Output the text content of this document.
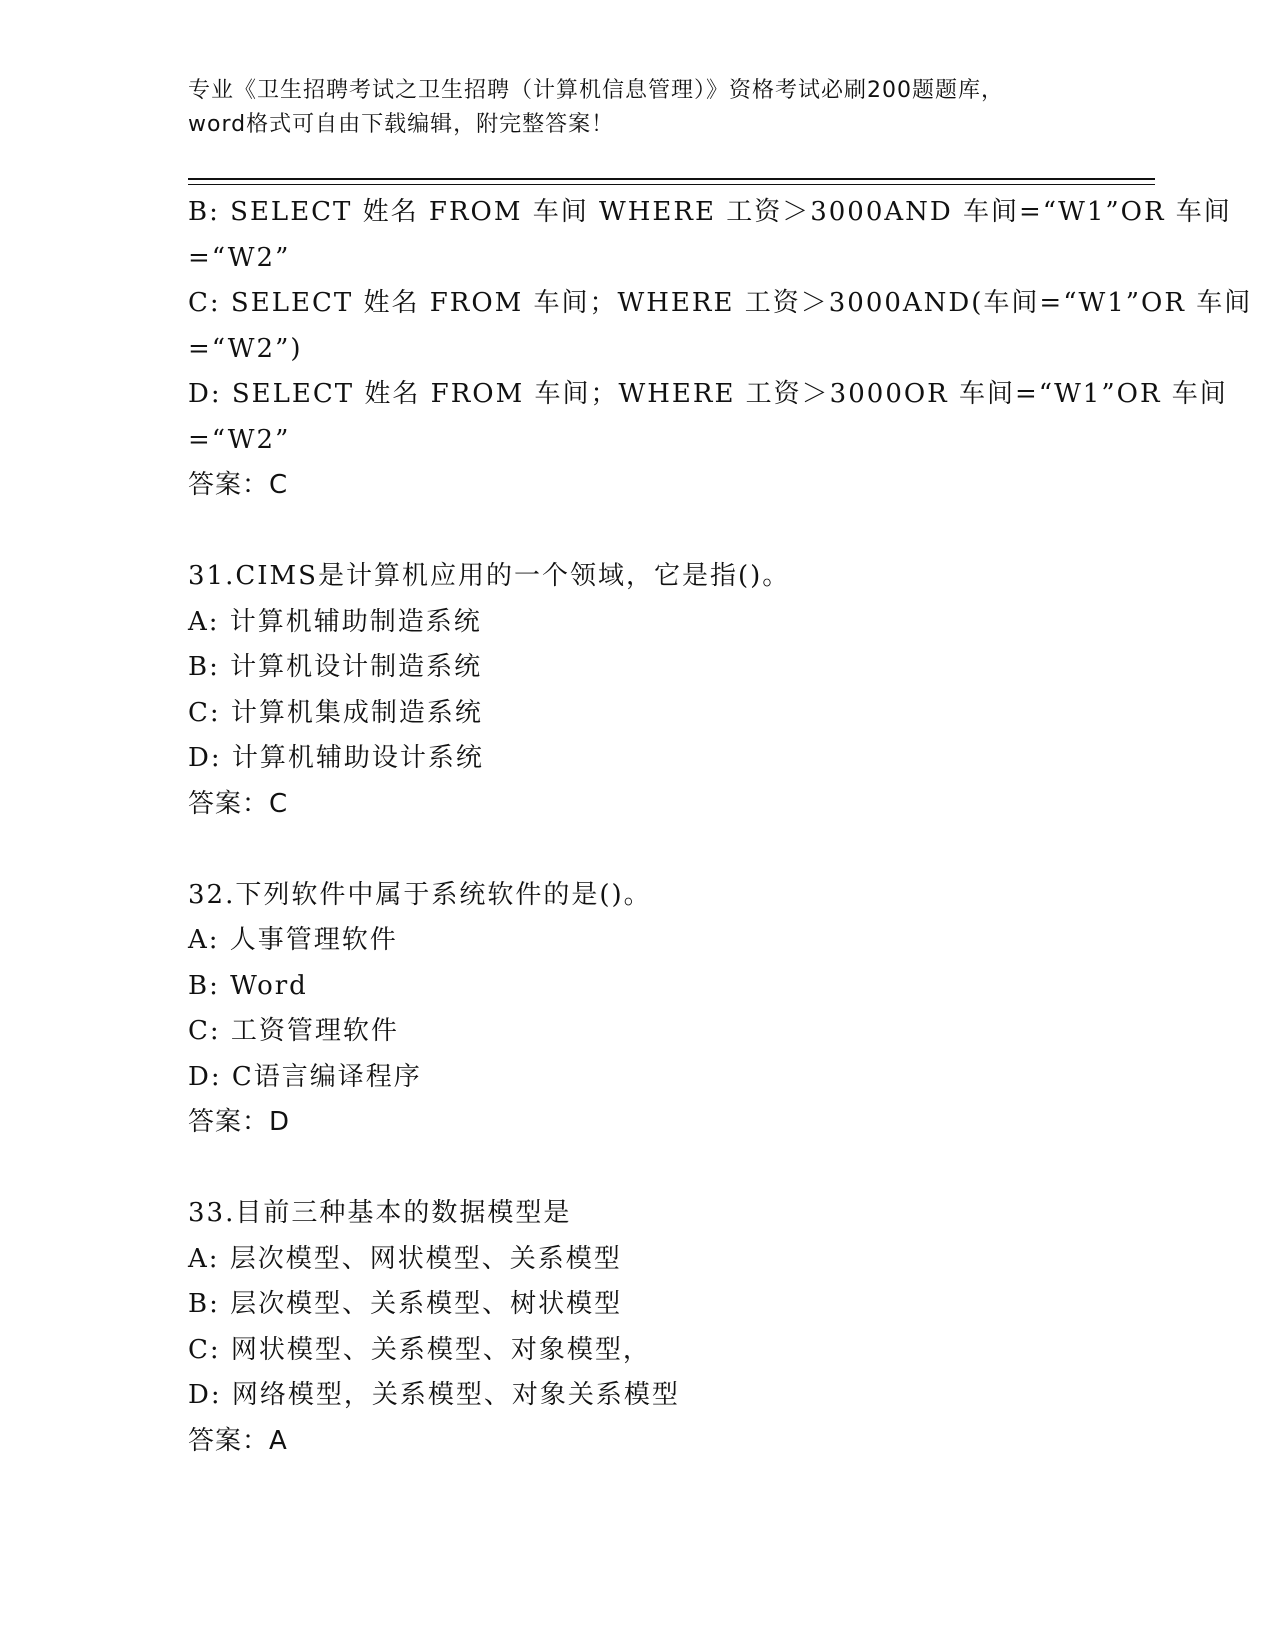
专业《卫生招聘考试之卫生招聘（计算机信息管理）》资格考试必刷200题题库，
word格式可自由下载编辑，附完整答案！
B: SELECT 姓名 FROM 车间 WHERE 工资＞3000AND 车间=“W1”OR 车间
=“W2”
C: SELECT 姓名 FROM 车间；WHERE 工资＞3000AND(车间=“W1”OR 车间
=“W2”)
D: SELECT 姓名 FROM 车间；WHERE 工资＞3000OR 车间=“W1”OR 车间
=“W2”
答案：C
31.CIMS是计算机应用的一个领域，它是指()。
A: 计算机辅助制造系统
B: 计算机设计制造系统
C: 计算机集成制造系统
D: 计算机辅助设计系统
答案：C
32.下列软件中属于系统软件的是()。
A: 人事管理软件
B: Word
C: 工资管理软件
D: C语言编译程序
答案：D
33.目前三种基本的数据模型是
A: 层次模型、网状模型、关系模型
B: 层次模型、关系模型、树状模型
C: 网状模型、关系模型、对象模型，
D: 网络模型，关系模型、对象关系模型
答案：A
